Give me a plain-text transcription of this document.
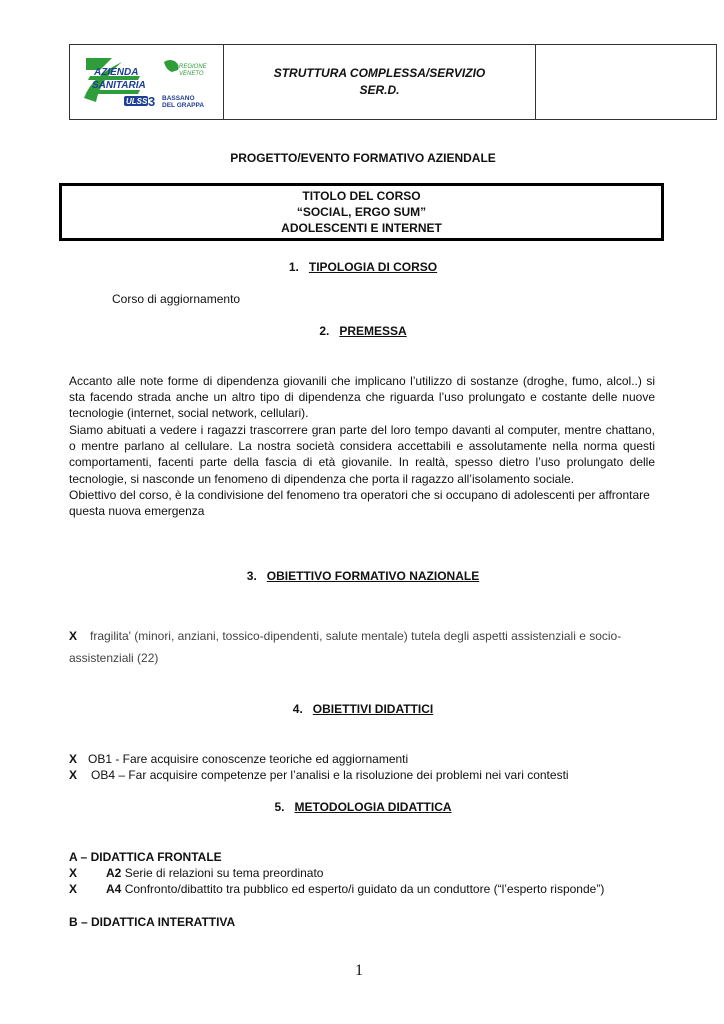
AZIENDA
SANITARIA
REGIONE
VENETO
ULSS 3 BASSANO
DEL GRAPPA
STRUTTURA COMPLESSA/SERVIZIO
SER.D.
PROGETTO/EVENTO FORMATIVO AZIENDALE
TITOLO DEL CORSO
“SOCIAL, ERGO SUM”
ADOLESCENTI E INTERNET
1. TIPOLOGIA DI CORSO
Corso di aggiornamento
2. PREMESSA
Accanto alle note forme di dipendenza giovanili che implicano l’utilizzo di sostanze (droghe, fumo, alcol..) si sta facendo strada anche un altro tipo di dipendenza che riguarda l’uso prolungato e costante delle nuove tecnologie (internet, social network, cellulari).
Siamo abituati a vedere i ragazzi trascorrere gran parte del loro tempo davanti al computer, mentre chattano, o mentre parlano al cellulare. La nostra società considera accettabili e assolutamente nella norma questi comportamenti, facenti parte della fascia di età giovanile. In realtà, spesso dietro l’uso prolungato delle tecnologie, si nasconde un fenomeno di dipendenza che porta il ragazzo all’isolamento sociale.
Obiettivo del corso, è la condivisione del fenomeno tra operatori che si occupano di adolescenti per affrontare questa nuova emergenza
3. OBIETTIVO FORMATIVO NAZIONALE
X fragilita' (minori, anziani, tossico-dipendenti, salute mentale) tutela degli aspetti assistenziali e socio-
assistenziali (22)
4. OBIETTIVI DIDATTICI
X OB1 - Fare acquisire conoscenze teoriche ed aggiornamenti
X OB4 – Far acquisire competenze per l’analisi e la risoluzione dei problemi nei vari contesti
5. METODOLOGIA DIDATTICA
A – DIDATTICA FRONTALE
X A2 Serie di relazioni su tema preordinato
X A4 Confronto/dibattito tra pubblico ed esperto/i guidato da un conduttore (“l’esperto risponde”)
B – DIDATTICA INTERATTIVA
1
